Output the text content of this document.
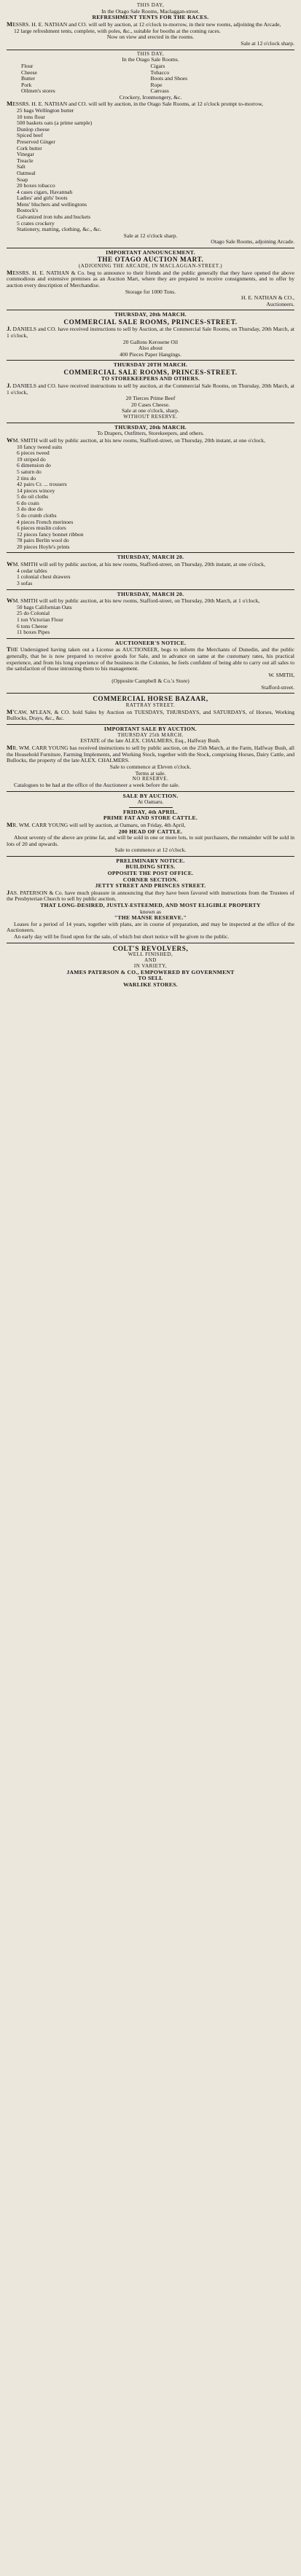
THIS DAY,
In the Otago Sale Rooms, Maclaggan-street.
REFRESHMENT TENTS FOR THE RACES.
MESSRS. H. E. NATHAN and CO. will sell by auction, at 12 o'clock to-morrow, in their new rooms, adjoining the Arcade,
12 large refreshment tents, complete, with poles, &c., suitable for booths at the coming races.
Now on view and erected in the rooms.
Sale at 12 o'clock sharp.
THIS DAY,
In the Otago Sale Rooms.
Flour
Cheese
Butter
Pork
Oilmen's stores
Cigars
Tobacco
Boots and Shoes
Rope
Canvass
Crockery, Ironmongery, &c.
MESSRS. H. E. NATHAN and CO. will sell by auction, in the Otago Sale Rooms, at 12 o'clock prompt to-morrow,
25 bags Wellington butter
10 tons flour
500 baskets oats (a prime sample)
Dunlop cheese
Spiced beef
Preserved Ginger
Cork butter
Vinegar
Treacle
Salt
Oatmeal
Soap
20 boxes tobacco
4 cases cigars, Havannah
Ladies' and girls' boots
Mens' bluchers and wellingtons
Bostock's
Galvanized iron tubs and buckets
5 crates crockery
Stationery, matting, clothing, &c., &c.
Sale at 12 o'clock sharp.
Otago Sale Rooms, adjoining Arcade.
IMPORTANT ANNOUNCEMENT.
THE OTAGO AUCTION MART.
(ADJOINING THE ARCADE, IN MACLAGGAN-STREET.)
MESSRS. H. E. NATHAN & Co. beg to announce to their friends and the public generally that they have opened the above commodious and extensive premises as an Auction Mart, where they are prepared to receive consignments, and to offer by auction every description of Merchandise.
Storage for 1000 Tons.
H. E. NATHAN & CO.,
Auctioneers.
THURSDAY, 20th MARCH.
COMMERCIAL SALE ROOMS, PRINCES-STREET.
J. DANIELS and CO. have received instructions to sell by Auction, at the Commercial Sale Rooms, on Thursday, 20th March, at 1 o'clock,
20 Gallons Kerosene Oil
Also about
400 Pieces Paper Hangings.
THURSDAY 20TH MARCH.
COMMERCIAL SALE ROOMS, PRINCES-STREET.
TO STOREKEEPERS AND OTHERS.
J. DANIELS and CO. have received instructions to sell by auction, at the Commercial Sale Rooms, on Thursday, 20th March, at 1 o'clock,
20 Tierces Prime Beef
20 Cases Cheese.
Sale at one o'clock, sharp.
WITHOUT RESERVE.
THURSDAY, 20th MARCH.
To Drapers, Outfitters, Storekeepers, and others.
WM. SMITH will sell by public auction, at his new rooms, Stafford-street, on Thursday, 20th instant, at one o'clock,
10 fancy tweed suits
6 pieces tweed
19 striped do
6 dimension do
5 saturn do
2 tins do
42 pairs Cr. ... trousers
14 pieces wincey
5 do oil cloths
6 do coats
3 do doe do
5 do crumb cloths
4 pieces French merinoes
6 pieces muslin colors
12 pieces fancy bonnet ribbon
78 pairs Berlin wool do
20 pieces Hoyle's prints
THURSDAY, MARCH 20.
WM. SMITH will sell by public auction, at his new rooms, Stafford-street, on Thursday, 20th instant, at one o'clock,
4 cedar tables
1 colonial chest drawers
3 sofas
THURSDAY, MARCH 20.
WM. SMITH will sell by public auction, at his new rooms, Stafford-street, on Thursday, 20th March, at 1 o'clock,
50 bags Californian Oats
25 do Colonial
1 ton Victorian Flour
6 tons Cheese
11 boxes Pipes
AUCTIONEER'S NOTICE.
THE Undersigned having taken out a License as AUCTIONEER, begs to inform the Merchants of Dunedin, and the public generally, that he is now prepared to receive goods for Sale, and to advance on same at the customary rates, his practical experience, and from his long experience of the business in the Colonies, he feels confident of being able to carry out all sales to the satisfaction of those intrusting them to his management.
W. SMITH,
(Opposite Campbell & Co.'s Store)
Stafford-street.
COMMERCIAL HORSE BAZAAR,
RATTRAY STREET.
M'CAW, M'LEAN, & CO. hold Sales by Auction on TUESDAYS, THURSDAYS, and SATURDAYS, of Horses, Working Bullocks, Drays, &c., &c.
IMPORTANT SALE BY AUCTION.
THURSDAY 25th MARCH.
ESTATE of the late ALEX. CHALMERS, Esq., Halfway Bush.
MR. WM. CARR YOUNG has received instructions to sell by public auction, on the 25th March, at the Farm, Halfway Bush, all the Household Furniture, Farming Implements, and Working Stock, together with the Stock, comprising Horses, Dairy Cattle, and Bullocks, the property of the late ALEX. CHALMERS.
Sale to commence at Eleven o'clock.
Terms at sale.
NO RESERVE.
Catalogues to be had at the office of the Auctioneer a week before the sale.
SALE BY AUCTION.
At Oamaru.
FRIDAY, 4th APRIL.
PRIME FAT AND STORE CATTLE.
MR. WM. CARR YOUNG will sell by auction, at Oamaru, on Friday, 4th April,
200 HEAD OF CATTLE.
About seventy of the above are prime fat, and will be sold in one or more lots, to suit purchasers, the remainder will be sold in lots of 20 and upwards.
Sale to commence at 12 o'clock.
PRELIMINARY NOTICE.
BUILDING SITES.
OPPOSITE THE POST OFFICE.
CORNER SECTION.
JETTY STREET AND PRINCES STREET.
JAS. PATERSON & Co. have much pleasure in announcing that they have been favored with instructions from the Trustees of the Presbyterian Church to sell by public auction,
THAT LONG-DESIRED, JUSTLY-ESTEEMED, AND MOST ELIGIBLE PROPERTY
known as
"THE MANSE RESERVE."
Leases for a period of 14 years, together with plans, are in course of preparation, and may be inspected at the office of the Auctioneers.
An early day will be fixed upon for the sale, of which but short notice will be given to the public.
COLT'S REVOLVERS,
WELL FINISHED,
AND
IN VARIETY,
JAMES PATERSON & CO., EMPOWERED BY GOVERNMENT
TO SELL
WARLIKE STORES.
